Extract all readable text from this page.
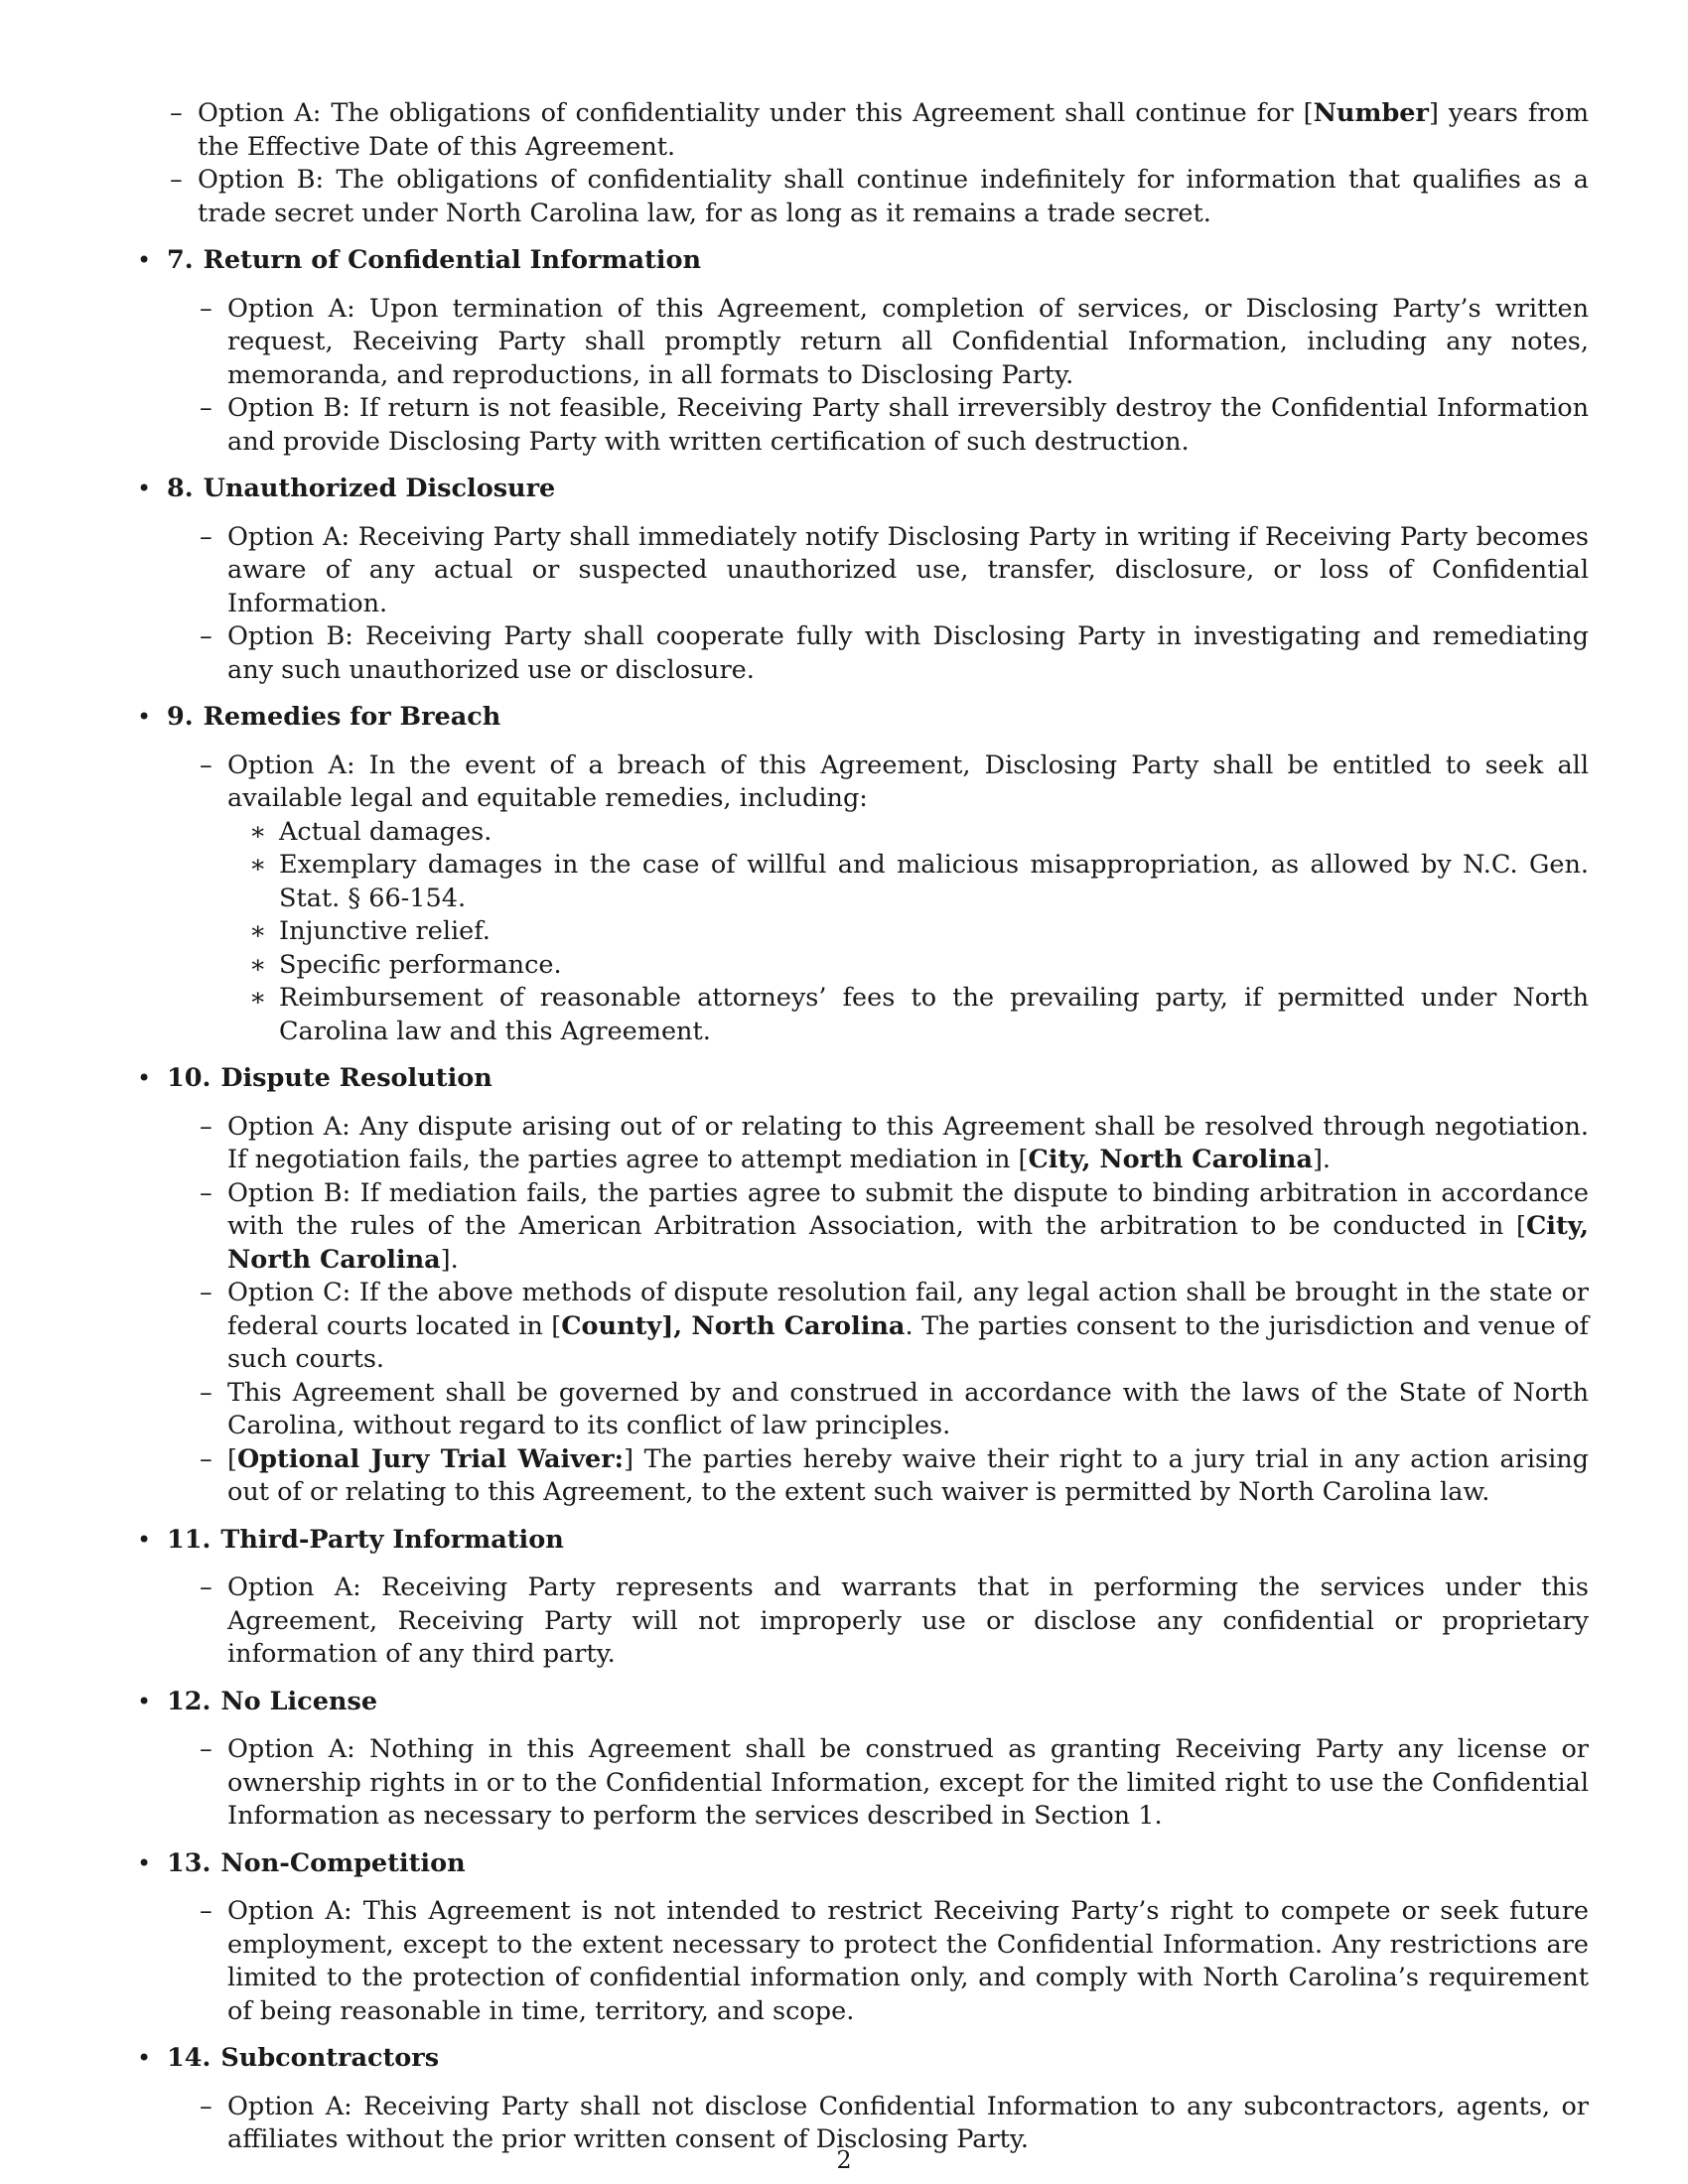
– Option A: The obligations of confidentiality under this Agreement shall continue for [Number] years from the Effective Date of this Agreement.
– Option B: The obligations of confidentiality shall continue indefinitely for information that qualifies as a trade secret under North Carolina law, for as long as it remains a trade secret.
• 7. Return of Confidential Information
– Option A: Upon termination of this Agreement, completion of services, or Disclosing Party’s written request, Receiving Party shall promptly return all Confidential Information, including any notes, memoranda, and reproductions, in all formats to Disclosing Party.
– Option B: If return is not feasible, Receiving Party shall irreversibly destroy the Confidential Information and provide Disclosing Party with written certification of such destruction.
• 8. Unauthorized Disclosure
– Option A: Receiving Party shall immediately notify Disclosing Party in writing if Receiving Party becomes aware of any actual or suspected unauthorized use, transfer, disclosure, or loss of Confidential Information.
– Option B: Receiving Party shall cooperate fully with Disclosing Party in investigating and remediating any such unauthorized use or disclosure.
• 9. Remedies for Breach
– Option A: In the event of a breach of this Agreement, Disclosing Party shall be entitled to seek all available legal and equitable remedies, including:
∗ Actual damages.
∗ Exemplary damages in the case of willful and malicious misappropriation, as allowed by N.C. Gen. Stat. § 66-154.
∗ Injunctive relief.
∗ Specific performance.
∗ Reimbursement of reasonable attorneys’ fees to the prevailing party, if permitted under North Carolina law and this Agreement.
• 10. Dispute Resolution
– Option A: Any dispute arising out of or relating to this Agreement shall be resolved through negotiation. If negotiation fails, the parties agree to attempt mediation in [City, North Carolina].
– Option B: If mediation fails, the parties agree to submit the dispute to binding arbitration in accordance with the rules of the American Arbitration Association, with the arbitration to be conducted in [City, North Carolina].
– Option C: If the above methods of dispute resolution fail, any legal action shall be brought in the state or federal courts located in [County], North Carolina. The parties consent to the jurisdiction and venue of such courts.
– This Agreement shall be governed by and construed in accordance with the laws of the State of North Carolina, without regard to its conflict of law principles.
– [Optional Jury Trial Waiver:] The parties hereby waive their right to a jury trial in any action arising out of or relating to this Agreement, to the extent such waiver is permitted by North Carolina law.
• 11. Third-Party Information
– Option A: Receiving Party represents and warrants that in performing the services under this Agreement, Receiving Party will not improperly use or disclose any confidential or proprietary information of any third party.
• 12. No License
– Option A: Nothing in this Agreement shall be construed as granting Receiving Party any license or ownership rights in or to the Confidential Information, except for the limited right to use the Confidential Information as necessary to perform the services described in Section 1.
• 13. Non-Competition
– Option A: This Agreement is not intended to restrict Receiving Party’s right to compete or seek future employment, except to the extent necessary to protect the Confidential Information. Any restrictions are limited to the protection of confidential information only, and comply with North Carolina’s requirement of being reasonable in time, territory, and scope.
• 14. Subcontractors
– Option A: Receiving Party shall not disclose Confidential Information to any subcontractors, agents, or affiliates without the prior written consent of Disclosing Party.
2
